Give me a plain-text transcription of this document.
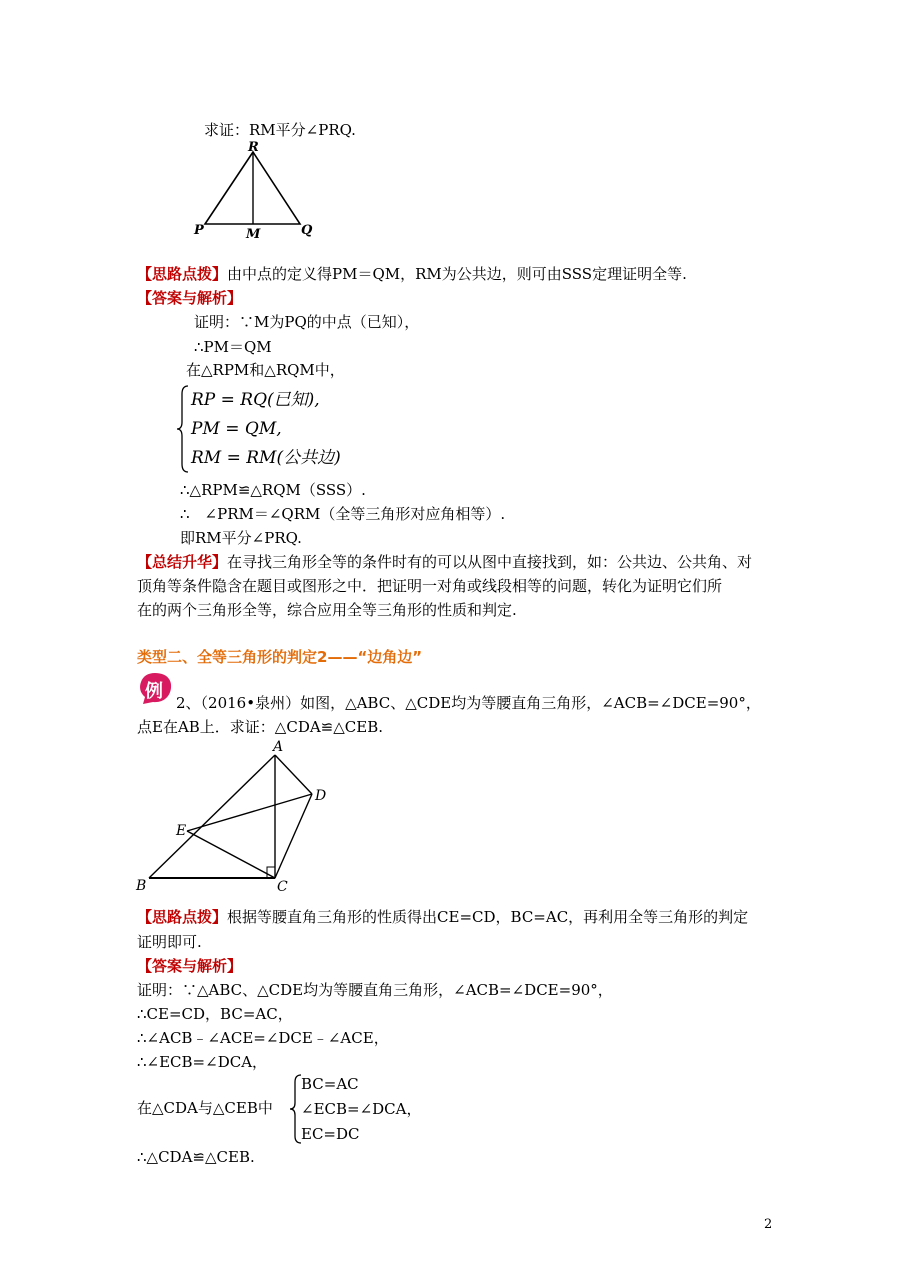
求证：RM平分∠PRQ.
R
P	M	Q
【思路点拨】由中点的定义得PM＝QM，RM为公共边，则可由SSS定理证明全等.
【答案与解析】
证明：∵M为PQ的中点（已知），
∴PM＝QM
在△RPM和△RQM中，
RP = RQ(已知),
PM = QM,
RM = RM(公共边)
∴△RPM≌△RQM（SSS）.
∴　∠PRM＝∠QRM（全等三角形对应角相等）.
即RM平分∠PRQ.
【总结升华】在寻找三角形全等的条件时有的可以从图中直接找到，如：公共边、公共角、对
顶角等条件隐含在题目或图形之中．把证明一对角或线段相等的问题，转化为证明它们所
在的两个三角形全等，综合应用全等三角形的性质和判定.
类型二、全等三角形的判定2——“边角边”
例
2、（2016•泉州）如图，△ABC、△CDE均为等腰直角三角形，∠ACB=∠DCE=90°，
点E在AB上．求证：△CDA≌△CEB.
A
D
E
B	C
【思路点拨】根据等腰直角三角形的性质得出CE=CD，BC=AC，再利用全等三角形的判定
证明即可.
【答案与解析】
证明：∵△ABC、△CDE均为等腰直角三角形，∠ACB=∠DCE=90°，
∴CE=CD，BC=AC，
∴∠ACB﹣∠ACE=∠DCE﹣∠ACE，
∴∠ECB=∠DCA，
在△CDA与△CEB中
BC=AC
∠ECB=∠DCA，
EC=DC
∴△CDA≌△CEB.
2
